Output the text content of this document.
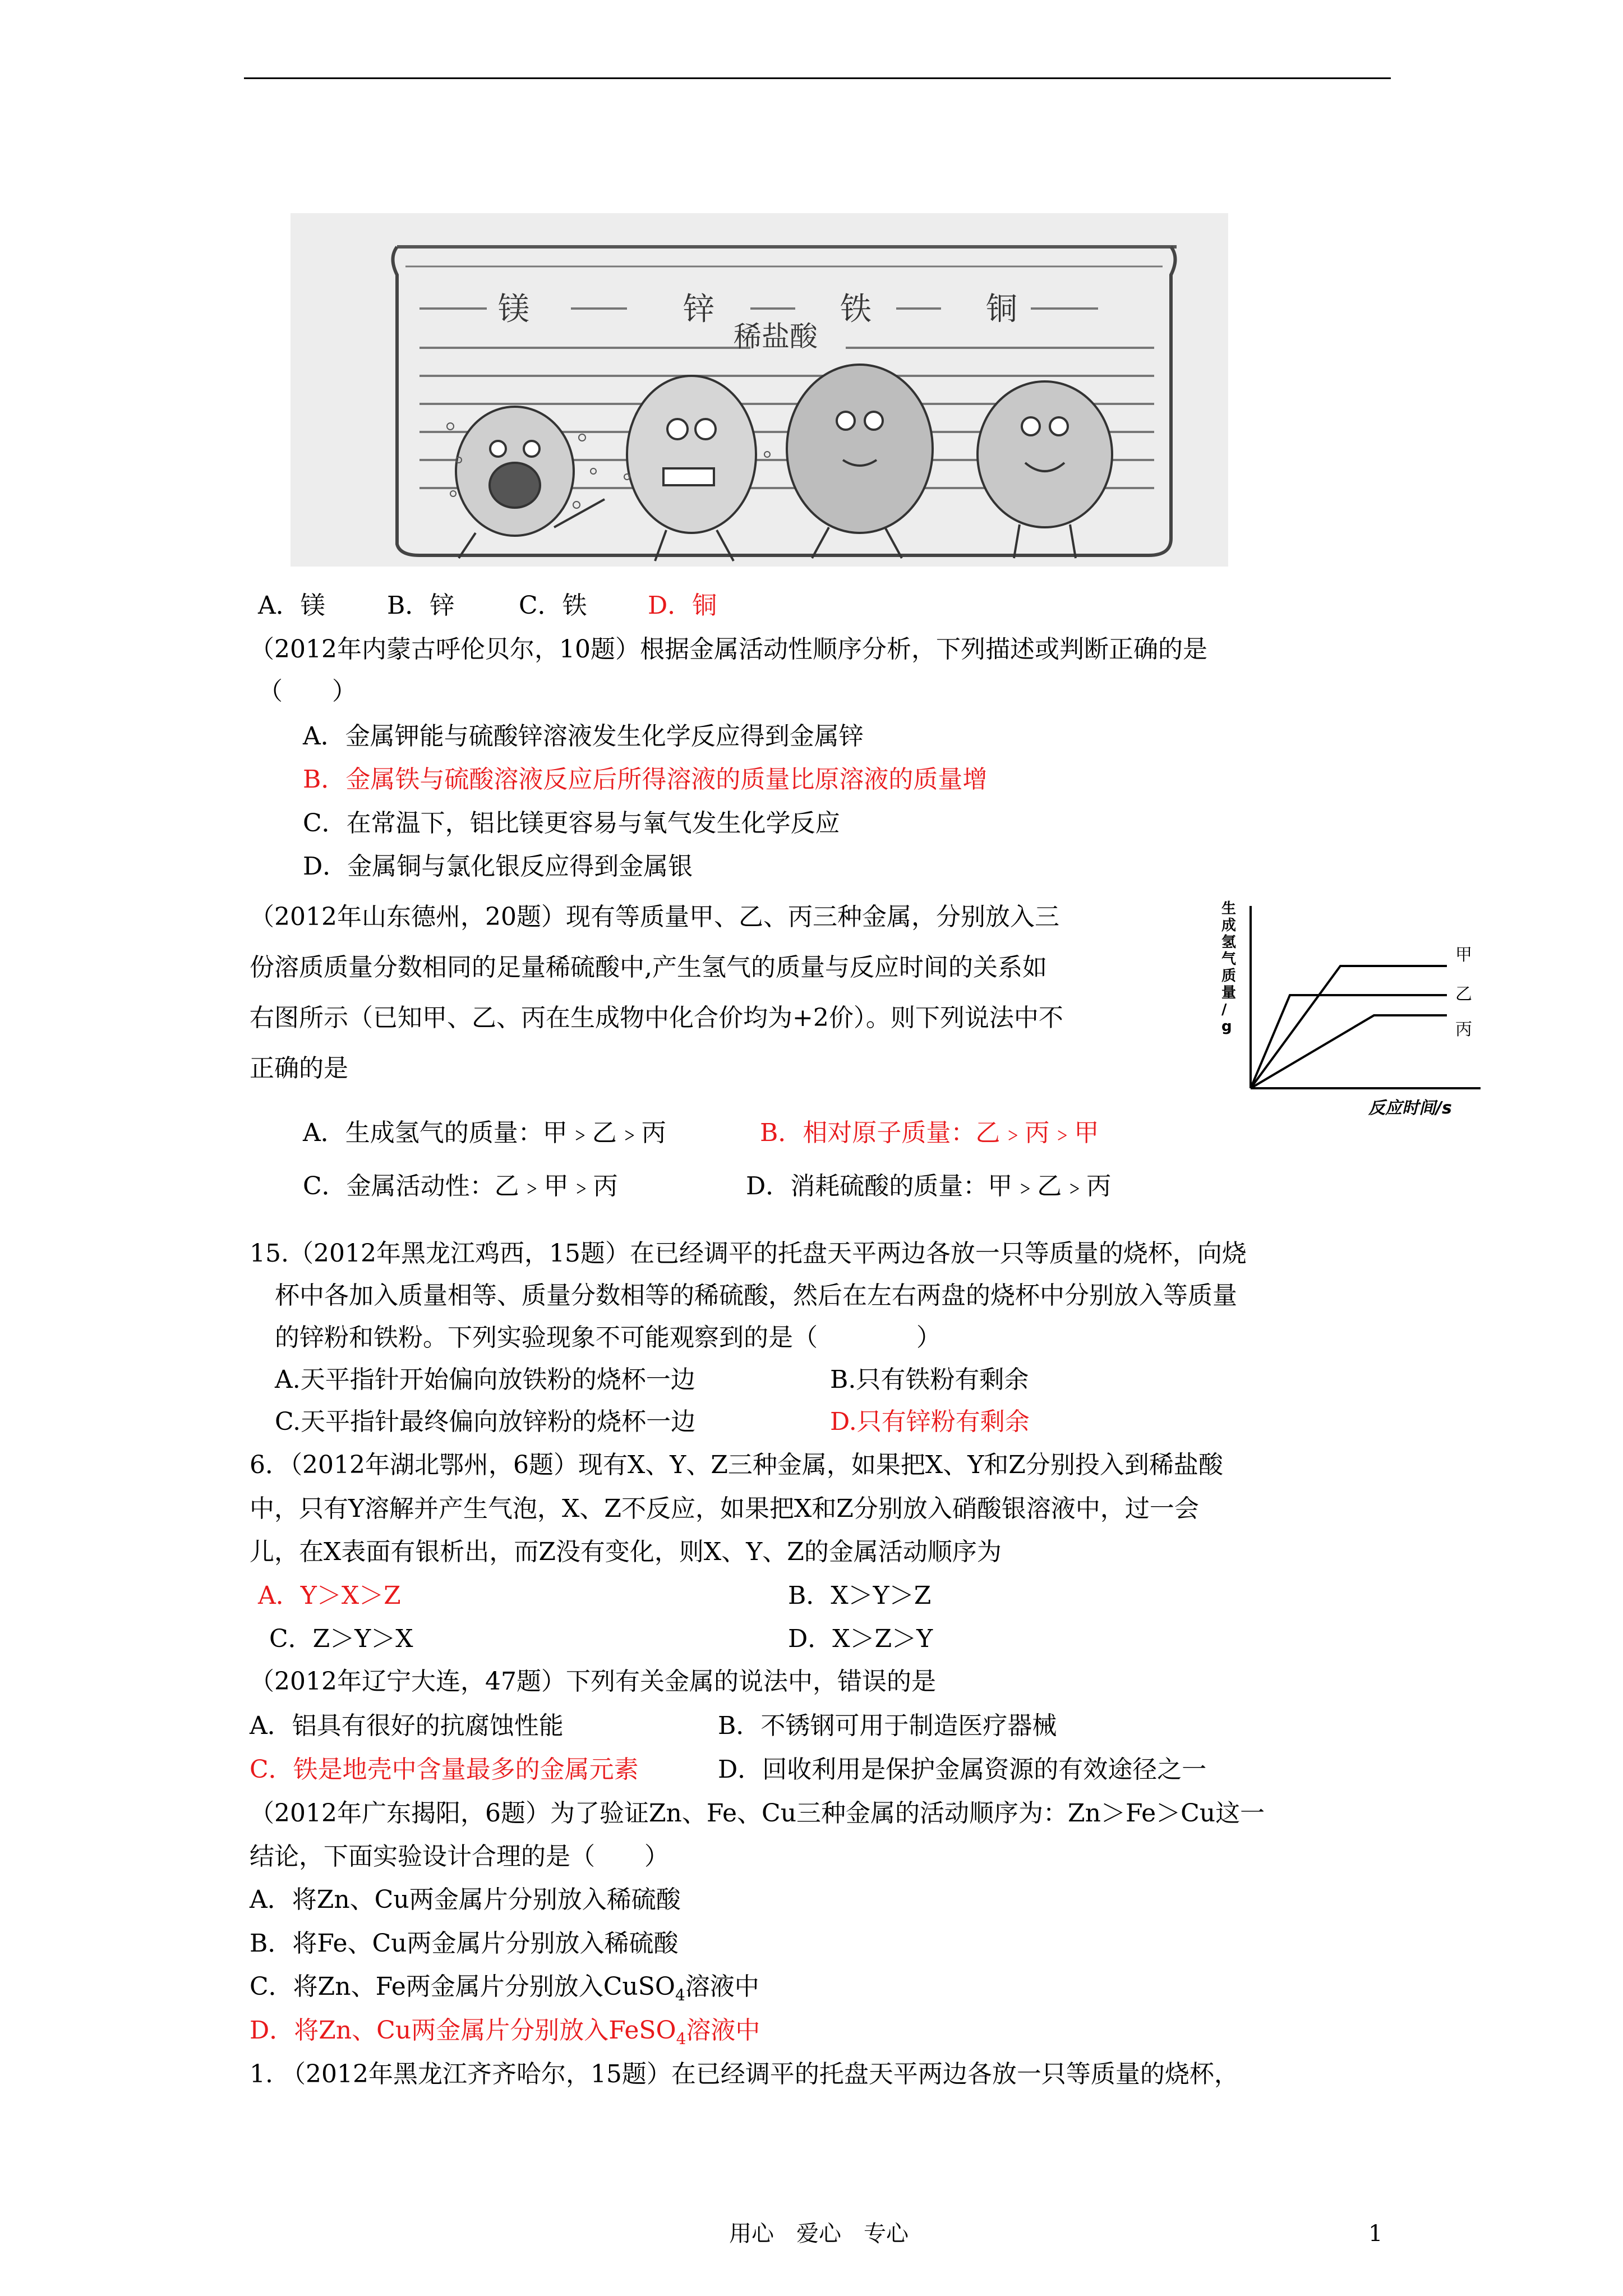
镁	锌	铁	铜
稀盐酸
A．镁	B．锌	C．铁 D．铜
（2012年内蒙古呼伦贝尔，10题）根据金属活动性顺序分析，下列描述或判断正确的是
（　　）
A．金属钾能与硫酸锌溶液发生化学反应得到金属锌
B．金属铁与硫酸溶液反应后所得溶液的质量比原溶液的质量增
C．在常温下，铝比镁更容易与氧气发生化学反应
D．金属铜与氯化银反应得到金属银
（2012年山东德州，20题）现有等质量甲、乙、丙三种金属，分别放入三
份溶质质量分数相同的足量稀硫酸中,产生氢气的质量与反应时间的关系如
右图所示（已知甲、乙、丙在生成物中化合价均为+2价）。则下列说法中不
正确的是
A．生成氢气的质量：甲﹥乙﹥丙	B．相对原子质量：乙﹥丙﹥甲
C．金属活动性：乙﹥甲﹥丙	D．消耗硫酸的质量：甲﹥乙﹥丙
甲
乙
丙
反应时间/s
生成氢气质量/ g
15.（2012年黑龙江鸡西，15题）在已经调平的托盘天平两边各放一只等质量的烧杯，向烧
杯中各加入质量相等、质量分数相等的稀硫酸，然后在左右两盘的烧杯中分别放入等质量
的锌粉和铁粉。下列实验现象不可能观察到的是（　　　　）
A.天平指针开始偏向放铁粉的烧杯一边	B.只有铁粉有剩余
C.天平指针最终偏向放锌粉的烧杯一边	D.只有锌粉有剩余
6．（2012年湖北鄂州，6题）现有X、Y、Z三种金属，如果把X、Y和Z分别投入到稀盐酸
中，只有Y溶解并产生气泡，X、Z不反应，如果把X和Z分别放入硝酸银溶液中，过一会
儿，在X表面有银析出，而Z没有变化，则X、Y、Z的金属活动顺序为
A．Y＞X＞Z	B．X＞Y＞Z
C．Z＞Y＞X	D．X＞Z＞Y
（2012年辽宁大连，47题）下列有关金属的说法中，错误的是
A．铝具有很好的抗腐蚀性能	B．不锈钢可用于制造医疗器械
C．铁是地壳中含量最多的金属元素	D．回收利用是保护金属资源的有效途径之一
（2012年广东揭阳，6题）为了验证Zn、Fe、Cu三种金属的活动顺序为：Zn＞Fe＞Cu这一
结论，下面实验设计合理的是（　　）
A．将Zn、Cu两金属片分别放入稀硫酸
B．将Fe、Cu两金属片分别放入稀硫酸
C．将Zn、Fe两金属片分别放入CuSO$_4$溶液中
D．将Zn、Cu两金属片分别放入FeSO$_4$溶液中
1. （2012年黑龙江齐齐哈尔，15题）在已经调平的托盘天平两边各放一只等质量的烧杯，
用心　爱心　专心	1
